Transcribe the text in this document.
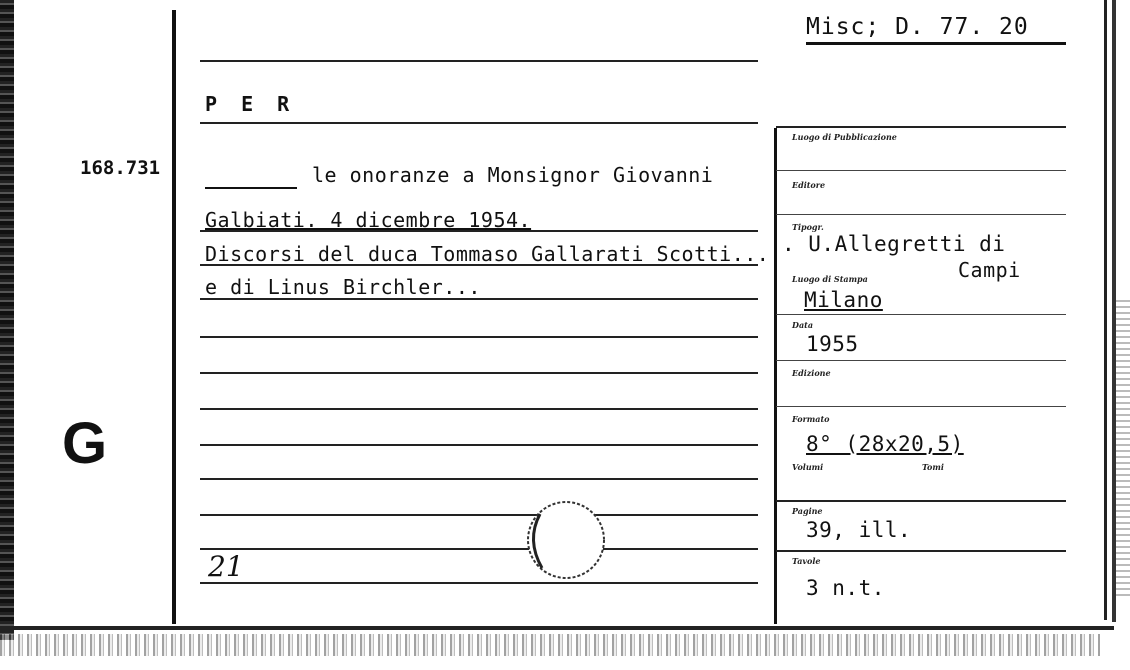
Misc; D. 77. 20
P E R
168.731	le onoranze a Monsignor Giovanni
Galbiati. 4 dicembre 1954.
Discorsi del duca Tommaso Gallarati Scotti...
e di Linus Birchler...
G
21
Luogo di Pubblicazione
Editore
Tipogr.
. U.Allegretti di
Campi
Luogo di Stampa
Milano
Data
1955
Edizione
Formato
8° (28x20,5)
Volumi	Tomi
Pagine
39, ill.
Tavole
3 n.t.
